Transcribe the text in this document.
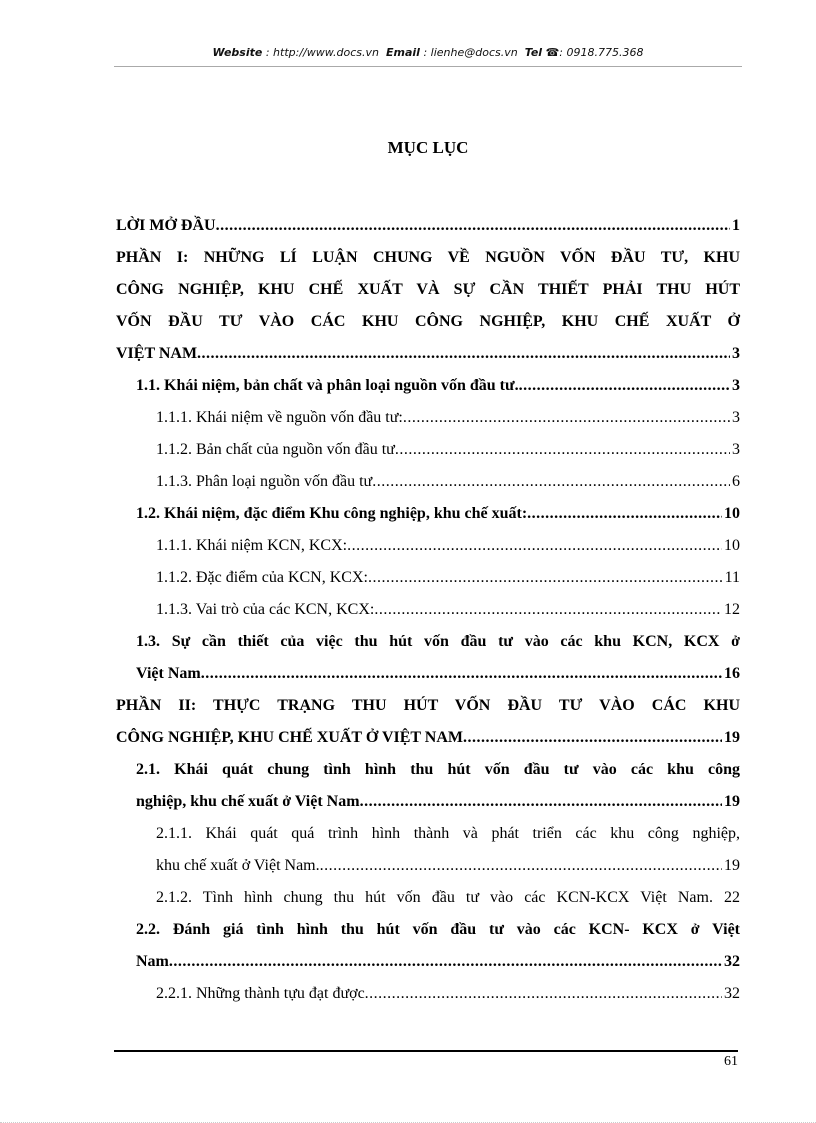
Website : http://www.docs.vn Email : lienhe@docs.vn Tel ☎: 0918.775.368
MỤC LỤC
LỜI MỞ ĐẦU .....	1
PHẦN I: NHỮNG LÍ LUẬN CHUNG VỀ NGUỒN VỐN ĐẦU TƯ, KHU
CÔNG NGHIỆP, KHU CHẾ XUẤT VÀ SỰ CẦN THIẾT PHẢI THU HÚT
VỐN ĐẦU TƯ VÀO CÁC KHU CÔNG NGHIỆP, KHU CHẾ XUẤT Ở
VIỆT NAM .....	3
1.1. Khái niệm, bản chất và phân loại nguồn vốn đầu tư. .....	3
1.1.1. Khái niệm về nguồn vốn đầu tư: .....	3
1.1.2. Bản chất của nguồn vốn đầu tư .....	3
1.1.3. Phân loại nguồn vốn đầu tư .....	6
1.2. Khái niệm, đặc điểm Khu công nghiệp, khu chế xuất: .....	10
1.1.1. Khái niệm KCN, KCX: .....	10
1.1.2. Đặc điểm của KCN, KCX: .....	11
1.1.3. Vai trò của các KCN, KCX: .....	12
1.3. Sự cần thiết của việc thu hút vốn đầu tư vào các khu KCN, KCX ở
Việt Nam .....	16
PHẦN II: THỰC TRẠNG THU HÚT VỐN ĐẦU TƯ VÀO CÁC KHU
CÔNG NGHIỆP, KHU CHẾ XUẤT Ở VIỆT NAM .....	19
2.1. Khái quát chung tình hình thu hút vốn đầu tư vào các khu công
nghiệp, khu chế xuất ở Việt Nam .....	19
2.1.1. Khái quát quá trình hình thành và phát triển các khu công nghiệp,
khu chế xuất ở Việt Nam. .....	19
2.1.2. Tình hình chung thu hút vốn đầu tư vào các KCN-KCX Việt Nam. 22
2.2. Đánh giá tình hình thu hút vốn đầu tư vào các KCN- KCX ở Việt
Nam .....	32
2.2.1. Những thành tựu đạt được .....	32
61
